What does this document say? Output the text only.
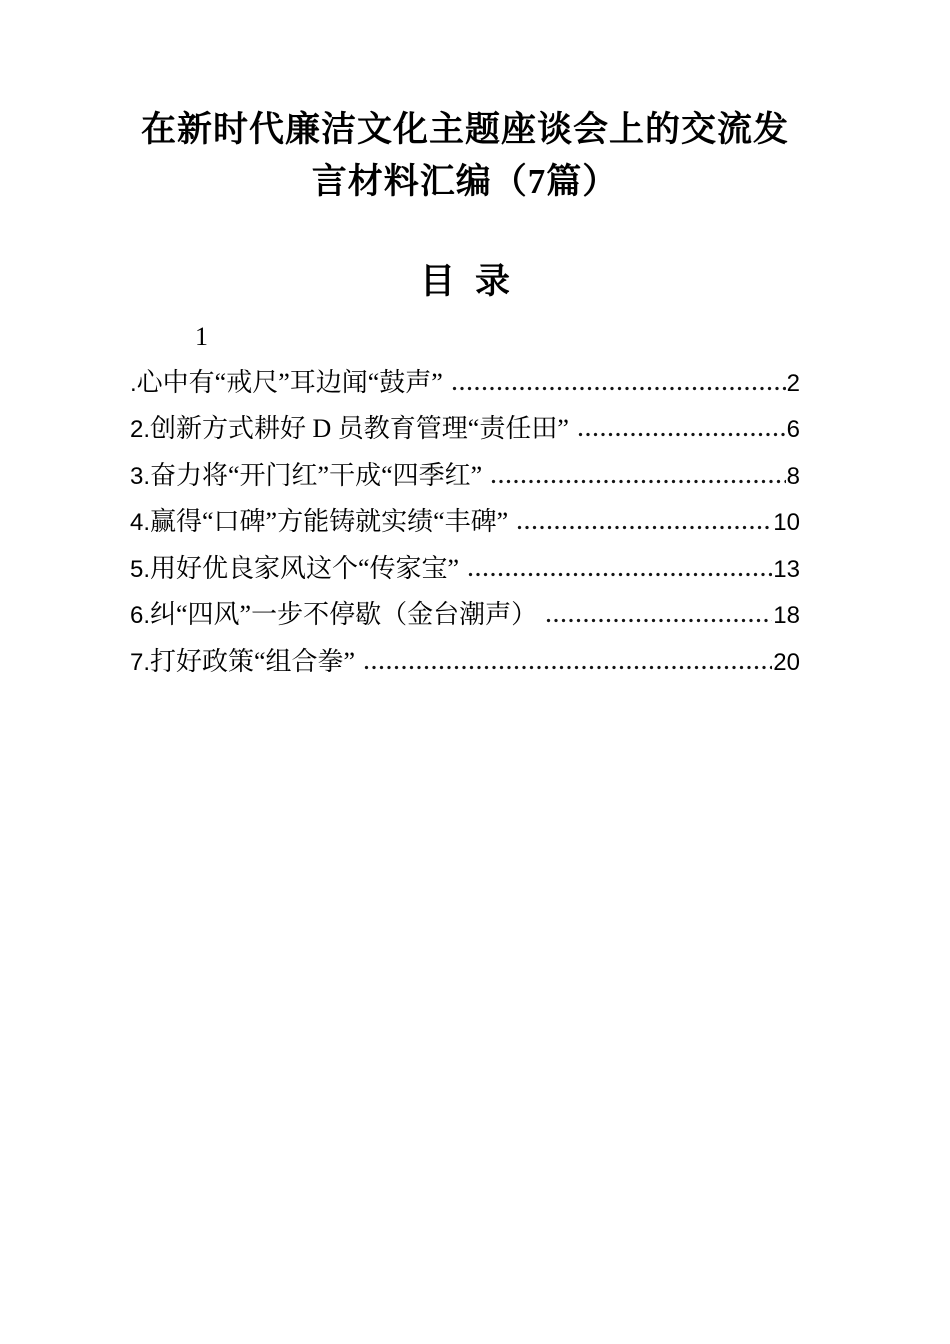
在新时代廉洁文化主题座谈会上的交流发
言材料汇编（7篇）
目录
1
.心中有“戒尺”耳边闻“鼓声”	2
2.创新方式耕好 D 员教育管理“责任田”	6
3.奋力将“开门红”干成“四季红”	8
4.赢得“口碑”方能铸就实绩“丰碑”	10
5.用好优良家风这个“传家宝”	13
6.纠“四风”一步不停歇（金台潮声）	18
7.打好政策“组合拳”	20
